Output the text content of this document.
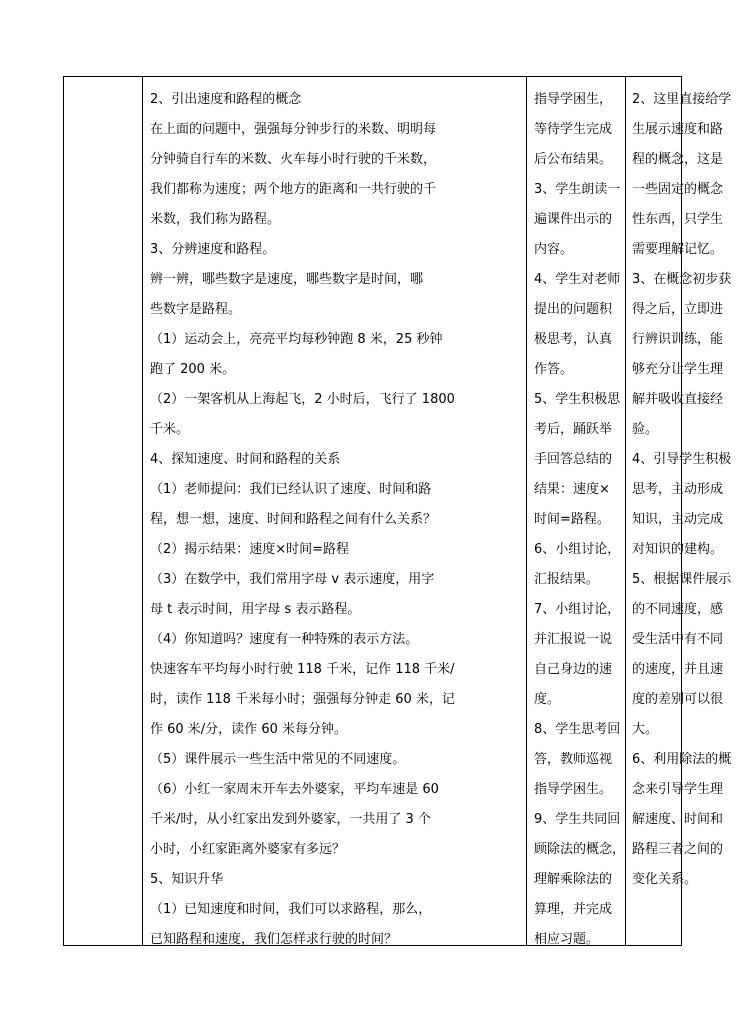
2、引出速度和路程的概念
在上面的问题中，强强每分钟步行的米数、明明每
分钟骑自行车的米数、火车每小时行驶的千米数，
我们都称为速度；两个地方的距离和一共行驶的千
米数，我们称为路程。
3、分辨速度和路程。
辨一辨，哪些数字是速度，哪些数字是时间，哪
些数字是路程。
（1）运动会上，亮亮平均每秒钟跑 8 米，25 秒钟
跑了 200 米。
（2）一架客机从上海起飞，2 小时后，飞行了 1800
千米。
4、探知速度、时间和路程的关系
（1）老师提问：我们已经认识了速度、时间和路
程，想一想，速度、时间和路程之间有什么关系？
（2）揭示结果：速度×时间=路程
（3）在数学中，我们常用字母 v 表示速度，用字
母 t 表示时间，用字母 s 表示路程。
（4）你知道吗？速度有一种特殊的表示方法。
快速客车平均每小时行驶 118 千米，记作 118 千米/
时，读作 118 千米每小时；强强每分钟走 60 米，记
作 60 米/分，读作 60 米每分钟。
（5）课件展示一些生活中常见的不同速度。
（6）小红一家周末开车去外婆家，平均车速是 60
千米/时，从小红家出发到外婆家，一共用了 3 个
小时，小红家距离外婆家有多远？
5、知识升华
（1）已知速度和时间，我们可以求路程，那么，
已知路程和速度，我们怎样求行驶的时间？
指导学困生，
等待学生完成
后公布结果。
3、学生朗读一
遍课件出示的
内容。
4、学生对老师
提出的问题积
极思考，认真
作答。
5、学生积极思
考后，踊跃举
手回答总结的
结果：速度×
时间=路程。
6、小组讨论，
汇报结果。
7、小组讨论，
并汇报说一说
自己身边的速
度。
8、学生思考回
答，教师巡视
指导学困生。
9、学生共同回
顾除法的概念，
理解乘除法的
算理，并完成
相应习题。
2、这里直接给学
生展示速度和路
程的概念，这是
一些固定的概念
性东西，只学生
需要理解记忆。
3、在概念初步获
得之后，立即进
行辨识训练，能
够充分让学生理
解并吸收直接经
验。
4、引导学生积极
思考，主动形成
知识，主动完成
对知识的建构。
5、根据课件展示
的不同速度，感
受生活中有不同
的速度，并且速
度的差别可以很
大。
6、利用除法的概
念来引导学生理
解速度、时间和
路程三者之间的
变化关系。
